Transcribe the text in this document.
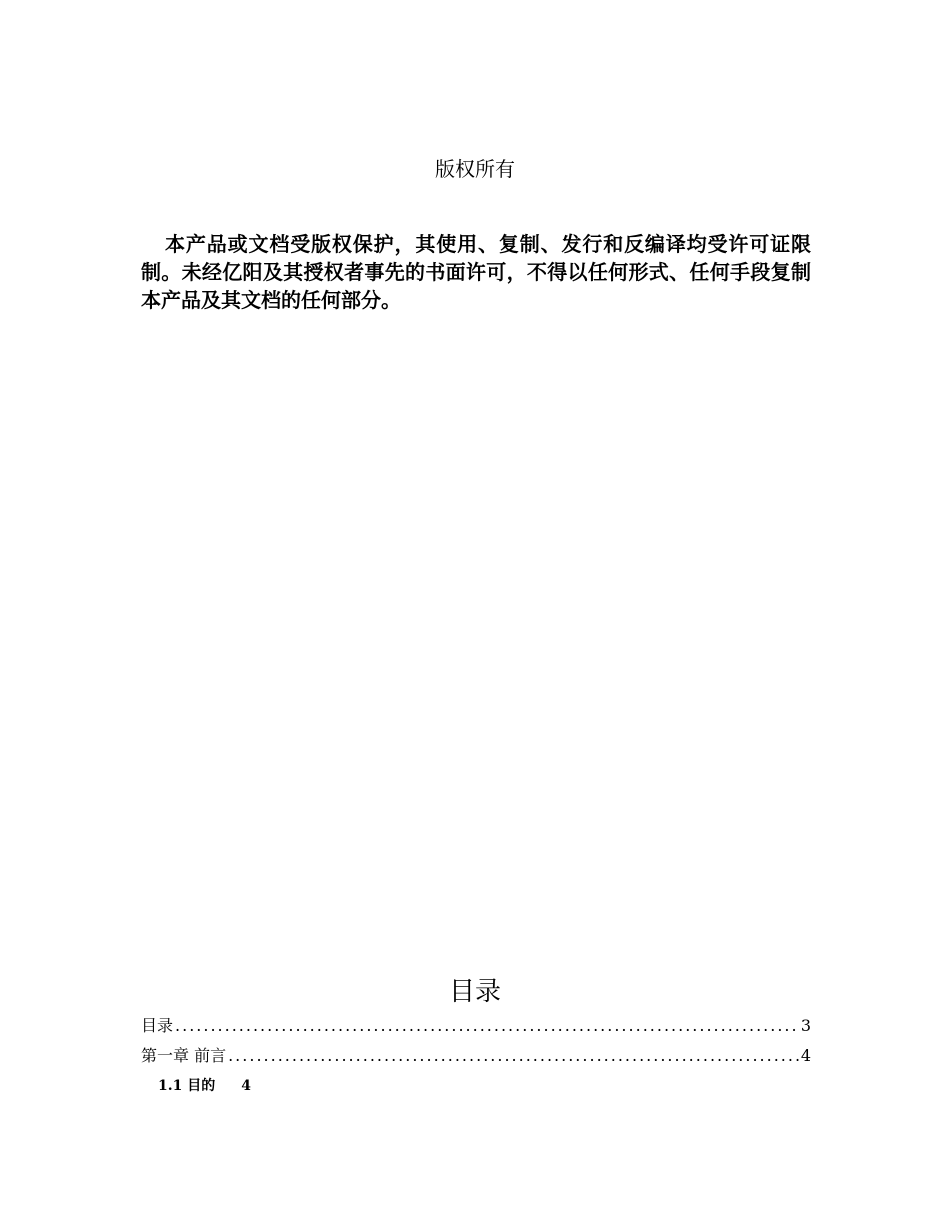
版权所有

本产品或文档受版权保护，其使用、复制、发行和反编译均受许可证限制。未经亿阳及其授权者事先的书面许可，不得以任何形式、任何手段复制本产品及其文档的任何部分。

目录
目录 .....	3
第一章 前言 .....	4
1.1 目的 4
